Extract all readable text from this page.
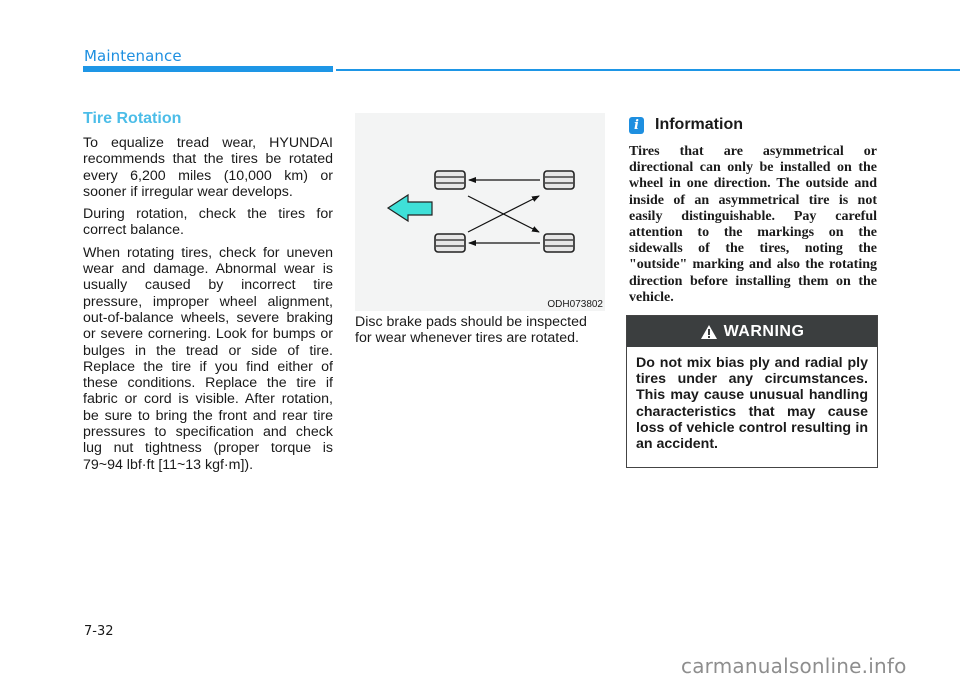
Maintenance
Tire Rotation

To equalize tread wear, HYUNDAI recommends that the tires be rotated every 6,200 miles (10,000 km) or sooner if irregular wear develops.

During rotation, check the tires for correct balance.

When rotating tires, check for uneven wear and damage. Abnormal wear is usually caused by incorrect tire pressure, improper wheel alignment, out-of-balance wheels, severe braking or severe cornering. Look for bumps or bulges in the tread or side of tire. Replace the tire if you find either of these conditions. Replace the tire if fabric or cord is visible. After rotation, be sure to bring the front and rear tire pressures to specification and check lug nut tightness (proper torque is 79~94 lbf·ft [11~13 kgf·m]).

ODH073802
Disc brake pads should be inspected for wear whenever tires are rotated.
i	Information
Tires that are asymmetrical or directional can only be installed on the wheel in one direction. The outside and inside of an asymmetrical tire is not easily distinguishable. Pay careful attention to the markings on the sidewalls of the tires, noting the "outside" marking and also the rotating direction before installing them on the vehicle.
WARNING
Do not mix bias ply and radial ply tires under any circumstances. This may cause unusual handling characteristics that may cause loss of vehicle control resulting in an accident.
7-32
carmanualsonline.info
